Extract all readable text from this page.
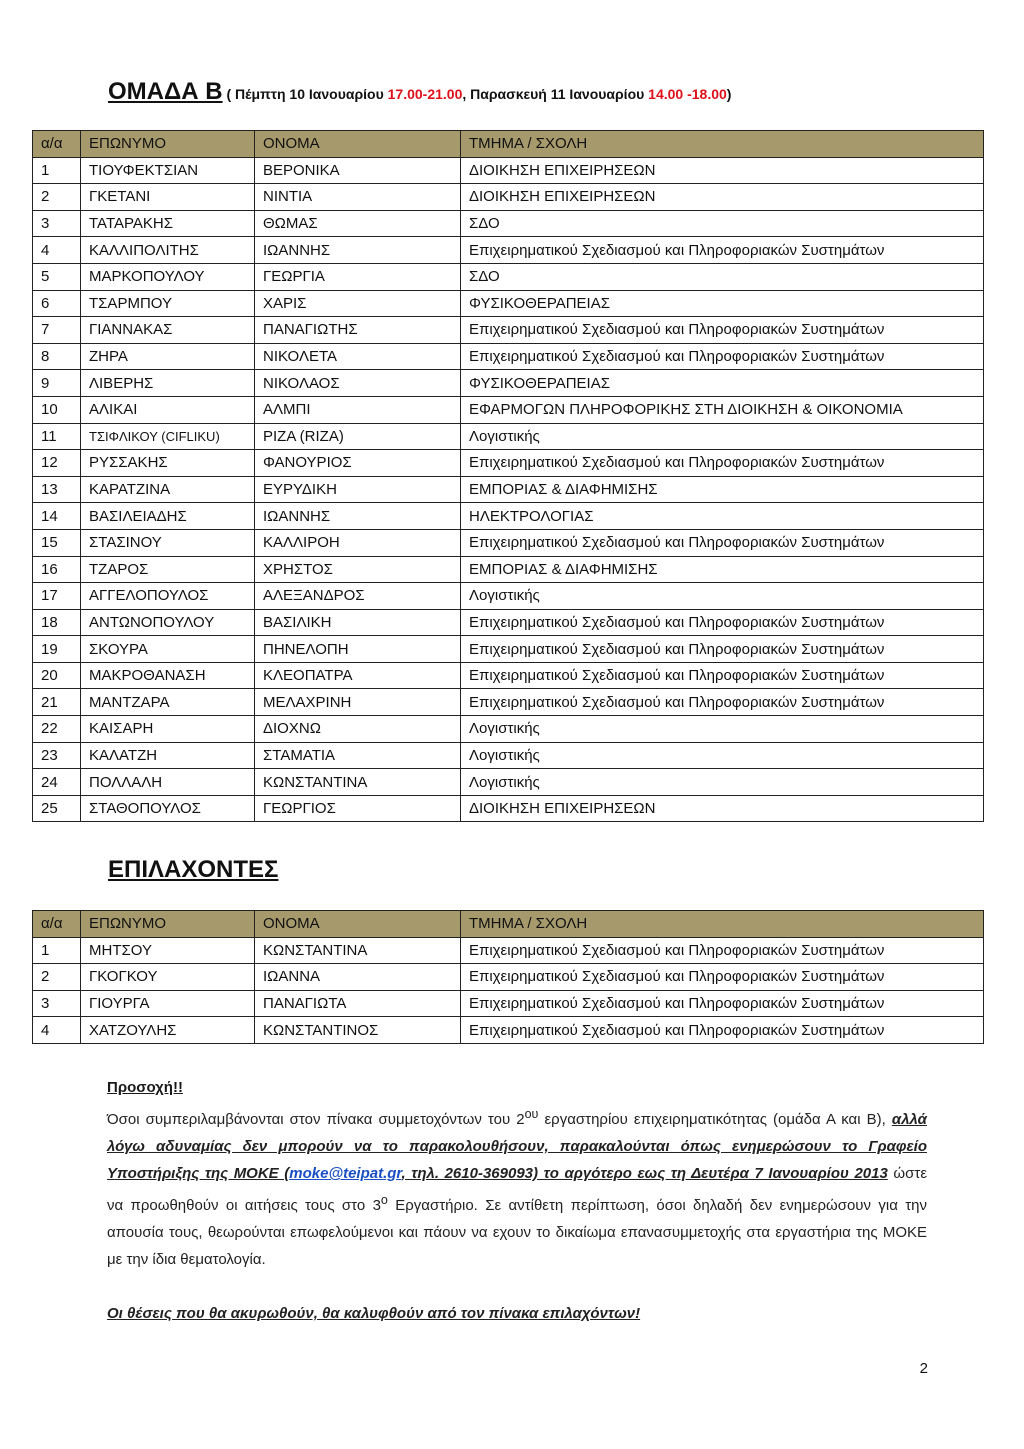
ΟΜΑΔΑ Β ( Πέμπτη 10 Ιανουαρίου 17.00-21.00, Παρασκευή 11 Ιανουαρίου 14.00 -18.00)
α/α	ΕΠΩΝΥΜΟ	ΟΝΟΜΑ	ΤΜΗΜΑ / ΣΧΟΛΗ
1	ΤΙΟΥΦΕΚΤΣΙΑΝ	ΒΕΡΟΝΙΚΑ	ΔΙΟΙΚΗΣΗ ΕΠΙΧΕΙΡΗΣΕΩΝ
2	ΓΚΕΤΑΝΙ	ΝΙΝΤΙΑ	ΔΙΟΙΚΗΣΗ ΕΠΙΧΕΙΡΗΣΕΩΝ
3	ΤΑΤΑΡΑΚΗΣ	ΘΩΜΑΣ	ΣΔΟ
4	ΚΑΛΛΙΠΟΛΙΤΗΣ	ΙΩΑΝΝΗΣ	Επιχειρηματικού Σχεδιασμού και Πληροφοριακών Συστημάτων
5	ΜΑΡΚΟΠΟΥΛΟΥ	ΓΕΩΡΓΙΑ	ΣΔΟ
6	ΤΣΑΡΜΠΟΥ	ΧΑΡΙΣ	ΦΥΣΙΚΟΘΕΡΑΠΕΙΑΣ
7	ΓΙΑΝΝΑΚΑΣ	ΠΑΝΑΓΙΩΤΗΣ	Επιχειρηματικού Σχεδιασμού και Πληροφοριακών Συστημάτων
8	ΖΗΡΑ	ΝΙΚΟΛΕΤΑ	Επιχειρηματικού Σχεδιασμού και Πληροφοριακών Συστημάτων
9	ΛΙΒΕΡΗΣ	ΝΙΚΟΛΑΟΣ	ΦΥΣΙΚΟΘΕΡΑΠΕΙΑΣ
10	ΑΛΙΚΑΙ	ΑΛΜΠΙ	ΕΦΑΡΜΟΓΩΝ ΠΛΗΡΟΦΟΡΙΚΗΣ ΣΤΗ ΔΙΟΙΚΗΣΗ & ΟΙΚΟΝΟΜΙΑ
11	ΤΣΙΦΛΙΚΟΥ (CIFLIKU)	ΡΙΖΑ (RIZA)	Λογιστικής
12	ΡΥΣΣΑΚΗΣ	ΦΑΝΟΥΡΙΟΣ	Επιχειρηματικού Σχεδιασμού και Πληροφοριακών Συστημάτων
13	ΚΑΡΑΤΖΙΝΑ	ΕΥΡΥΔΙΚΗ	ΕΜΠΟΡΙΑΣ & ΔΙΑΦΗΜΙΣΗΣ
14	ΒΑΣΙΛΕΙΑΔΗΣ	ΙΩΑΝΝΗΣ	ΗΛΕΚΤΡΟΛΟΓΙΑΣ
15	ΣΤΑΣΙΝΟΥ	ΚΑΛΛΙΡΟΗ	Επιχειρηματικού Σχεδιασμού και Πληροφοριακών Συστημάτων
16	ΤΖΑΡΟΣ	ΧΡΗΣΤΟΣ	ΕΜΠΟΡΙΑΣ & ΔΙΑΦΗΜΙΣΗΣ
17	ΑΓΓΕΛΟΠΟΥΛΟΣ	ΑΛΕΞΑΝΔΡΟΣ	Λογιστικής
18	ΑΝΤΩΝΟΠΟΥΛΟΥ	ΒΑΣΙΛΙΚΗ	Επιχειρηματικού Σχεδιασμού και Πληροφοριακών Συστημάτων
19	ΣΚΟΥΡΑ	ΠΗΝΕΛΟΠΗ	Επιχειρηματικού Σχεδιασμού και Πληροφοριακών Συστημάτων
20	ΜΑΚΡΟΘΑΝΑΣΗ	ΚΛΕΟΠΑΤΡΑ	Επιχειρηματικού Σχεδιασμού και Πληροφοριακών Συστημάτων
21	ΜΑΝΤΖΑΡΑ	ΜΕΛΑΧΡΙΝΗ	Επιχειρηματικού Σχεδιασμού και Πληροφοριακών Συστημάτων
22	ΚΑΙΣΑΡΗ	ΔΙΟΧΝΩ	Λογιστικής
23	ΚΑΛΑΤΖΗ	ΣΤΑΜΑΤΙΑ	Λογιστικής
24	ΠΟΛΛΑΛΗ	ΚΩΝΣΤΑΝΤΙΝΑ	Λογιστικής
25	ΣΤΑΘΟΠΟΥΛΟΣ	ΓΕΩΡΓΙΟΣ	ΔΙΟΙΚΗΣΗ ΕΠΙΧΕΙΡΗΣΕΩΝ
ΕΠΙΛΑΧΟΝΤΕΣ
α/α	ΕΠΩΝΥΜΟ	ΟΝΟΜΑ	ΤΜΗΜΑ / ΣΧΟΛΗ
1	ΜΗΤΣΟΥ	ΚΩΝΣΤΑΝΤΙΝΑ	Επιχειρηματικού Σχεδιασμού και Πληροφοριακών Συστημάτων
2	ΓΚΟΓΚΟΥ	ΙΩΑΝΝΑ	Επιχειρηματικού Σχεδιασμού και Πληροφοριακών Συστημάτων
3	ΓΙΟΥΡΓΑ	ΠΑΝΑΓΙΩΤΑ	Επιχειρηματικού Σχεδιασμού και Πληροφοριακών Συστημάτων
4	ΧΑΤΖΟΥΛΗΣ	ΚΩΝΣΤΑΝΤΙΝΟΣ	Επιχειρηματικού Σχεδιασμού και Πληροφοριακών Συστημάτων
Προσοχή!!
Όσοι συμπεριλαμβάνονται στον πίνακα συμμετοχόντων του $2^{o\upsilon}$ εργαστηρίου επιχειρηματικότητας (ομάδα Α και Β), αλλά λόγω αδυναμίας δεν μπορούν να το παρακολουθήσουν, παρακαλούνται όπως ενημερώσουν το Γραφείο Υποστήριξης της ΜΟΚΕ (moke@teipat.gr, τηλ. 2610-369093) το αργότερο εως τη Δευτέρα 7 Ιανουαρίου 2013 ώστε να προωθηθούν οι αιτήσεις τους στο $3^o$ Εργαστήριο. Σε αντίθετη περίπτωση, όσοι δηλαδή δεν ενημερώσουν για την απουσία τους, θεωρούνται επωφελούμενοι και πάουν να εχουν το δικαίωμα επανασυμμετοχής στα εργαστήρια της ΜΟΚΕ με την ίδια θεματολογία.
Οι θέσεις που θα ακυρωθούν, θα καλυφθούν από τον πίνακα επιλαχόντων!
2
